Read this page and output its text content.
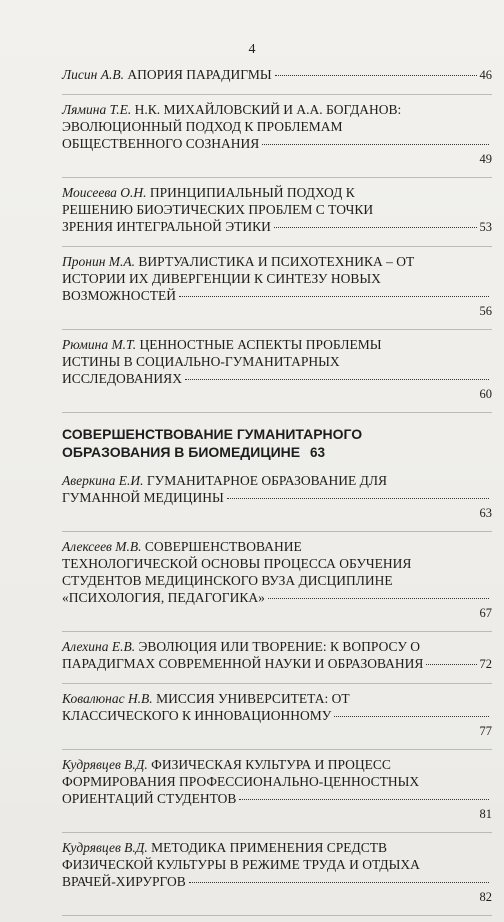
4
Лисин А.В. АПОРИЯ ПАРАДИГМЫ	46
Лямина Т.Е. Н.К. МИХАЙЛОВСКИЙ И А.А. БОГДАНОВ:
ЭВОЛЮЦИОННЫЙ ПОДХОД К ПРОБЛЕМАМ
ОБЩЕСТВЕННОГО СОЗНАНИЯ
49
Моисеева О.Н. ПРИНЦИПИАЛЬНЫЙ ПОДХОД К
РЕШЕНИЮ БИОЭТИЧЕСКИХ ПРОБЛЕМ С ТОЧКИ
ЗРЕНИЯ ИНТЕГРАЛЬНОЙ ЭТИКИ	53
Пронин М.А. ВИРТУАЛИСТИКА И ПСИХОТЕХНИКА – ОТ
ИСТОРИИ ИХ ДИВЕРГЕНЦИИ К СИНТЕЗУ НОВЫХ
ВОЗМОЖНОСТЕЙ
56
Рюмина М.Т. ЦЕННОСТНЫЕ АСПЕКТЫ ПРОБЛЕМЫ
ИСТИНЫ В СОЦИАЛЬНО-ГУМАНИТАРНЫХ
ИССЛЕДОВАНИЯХ
60
СОВЕРШЕНСТВОВАНИЕ ГУМАНИТАРНОГО
ОБРАЗОВАНИЯ В БИОМЕДИЦИНЕ 63
Аверкина Е.И. ГУМАНИТАРНОЕ ОБРАЗОВАНИЕ ДЛЯ
ГУМАННОЙ МЕДИЦИНЫ
63
Алексеев М.В. СОВЕРШЕНСТВОВАНИЕ
ТЕХНОЛОГИЧЕСКОЙ ОСНОВЫ ПРОЦЕССА ОБУЧЕНИЯ
СТУДЕНТОВ МЕДИЦИНСКОГО ВУЗА ДИСЦИПЛИНЕ
«ПСИХОЛОГИЯ, ПЕДАГОГИКА»
67
Алехина Е.В. ЭВОЛЮЦИЯ ИЛИ ТВОРЕНИЕ: К ВОПРОСУ О
ПАРАДИГМАХ СОВРЕМЕННОЙ НАУКИ И ОБРАЗОВАНИЯ	72
Ковалюнас Н.В. МИССИЯ УНИВЕРСИТЕТА: ОТ
КЛАССИЧЕСКОГО К ИННОВАЦИОННОМУ
77
Кудрявцев В.Д. ФИЗИЧЕСКАЯ КУЛЬТУРА И ПРОЦЕСС
ФОРМИРОВАНИЯ ПРОФЕССИОНАЛЬНО-ЦЕННОСТНЫХ
ОРИЕНТАЦИЙ СТУДЕНТОВ
81
Кудрявцев В.Д. МЕТОДИКА ПРИМЕНЕНИЯ СРЕДСТВ
ФИЗИЧЕСКОЙ КУЛЬТУРЫ В РЕЖИМЕ ТРУДА И ОТДЫХА
ВРАЧЕЙ-ХИРУРГОВ
82
